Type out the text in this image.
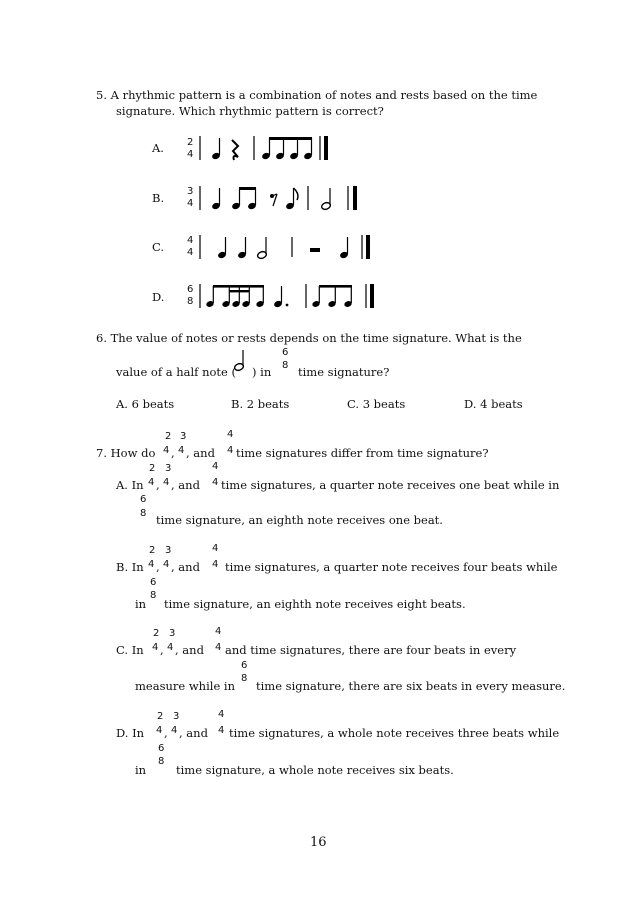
5. A rhythmic pattern is a combination of notes and rests based on the time
signature. Which rhythmic pattern is correct?
A. 2
4
B. 3
4
C. 4
4
D.
6
8
6. The value of notes or rests depends on the time signature. What is the
value of a half note ( ) in
6
8 time signature?
A. 6 beats	B. 2 beats	C. 3 beats	D. 4 beats
7. How do
2 3	4
4 , 4 , and 4 time signatures differ from time signature?
2 3	4
A. In 4 , 4 , and 4 time signatures, a quarter note receives one beat while in
6
8 time signature, an eighth note receives one beat.
2 3	4
B. In 4 , 4 , and 4 time signatures, a quarter note receives four beats while
in
6
8
time signature, an eighth note receives eight beats.
2 3	4
C. In 4 , 4 , and 4 and time signatures, there are four beats in every
measure while in
6
8
time signature, there are six beats in every measure.
2 3	4
D. In 4 , 4 , and 4 time signatures, a whole note receives three beats while
in
6
8
time signature, a whole note receives six beats.
16
